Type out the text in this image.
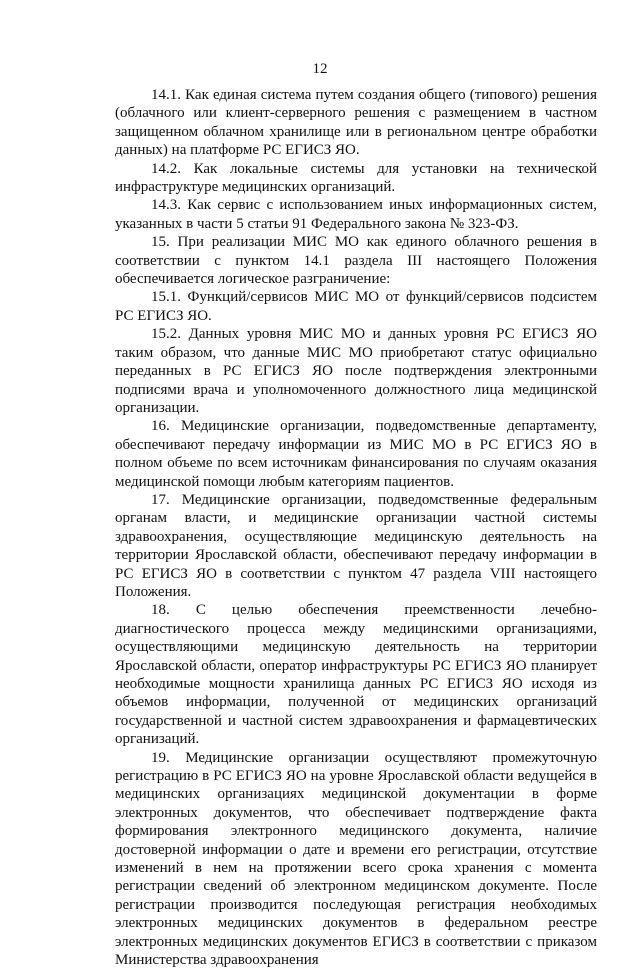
12

14.1. Как единая система путем создания общего (типового) решения (облачного или клиент-серверного решения с размещением в частном защищенном облачном хранилище или в региональном центре обработки данных) на платформе РС ЕГИСЗ ЯО.

14.2. Как локальные системы для установки на технической инфраструктуре медицинских организаций.

14.3. Как сервис с использованием иных информационных систем, указанных в части 5 статьи 91 Федерального закона № 323-ФЗ.

15. При реализации МИС МО как единого облачного решения в соответствии с пунктом 14.1 раздела III настоящего Положения обеспечивается логическое разграничение:

15.1. Функций/сервисов МИС МО от функций/сервисов подсистем РС ЕГИСЗ ЯО.

15.2. Данных уровня МИС МО и данных уровня РС ЕГИСЗ ЯО таким образом, что данные МИС МО приобретают статус официально переданных в РС ЕГИСЗ ЯО после подтверждения электронными подписями врача и уполномоченного должностного лица медицинской организации.

16. Медицинские организации, подведомственные департаменту, обеспечивают передачу информации из МИС МО в РС ЕГИСЗ ЯО в полном объеме по всем источникам финансирования по случаям оказания медицинской помощи любым категориям пациентов.

17. Медицинские организации, подведомственные федеральным органам власти, и медицинские организации частной системы здравоохранения, осуществляющие медицинскую деятельность на территории Ярославской области, обеспечивают передачу информации в РС ЕГИСЗ ЯО в соответствии с пунктом 47 раздела VIII настоящего Положения.

18. С целью обеспечения преемственности лечебно-диагностического процесса между медицинскими организациями, осуществляющими медицинскую деятельность на территории Ярославской области, оператор инфраструктуры РС ЕГИСЗ ЯО планирует необходимые мощности хранилища данных РС ЕГИСЗ ЯО исходя из объемов информации, полученной от медицинских организаций государственной и частной систем здравоохранения и фармацевтических организаций.

19. Медицинские организации осуществляют промежуточную регистрацию в РС ЕГИСЗ ЯО на уровне Ярославской области ведущейся в медицинских организациях медицинской документации в форме электронных документов, что обеспечивает подтверждение факта формирования электронного медицинского документа, наличие достоверной информации о дате и времени его регистрации, отсутствие изменений в нем на протяжении всего срока хранения с момента регистрации сведений об электронном медицинском документе. После регистрации производится последующая регистрация необходимых электронных медицинских документов в федеральном реестре электронных медицинских документов ЕГИСЗ в соответствии с приказом Министерства здравоохранения
